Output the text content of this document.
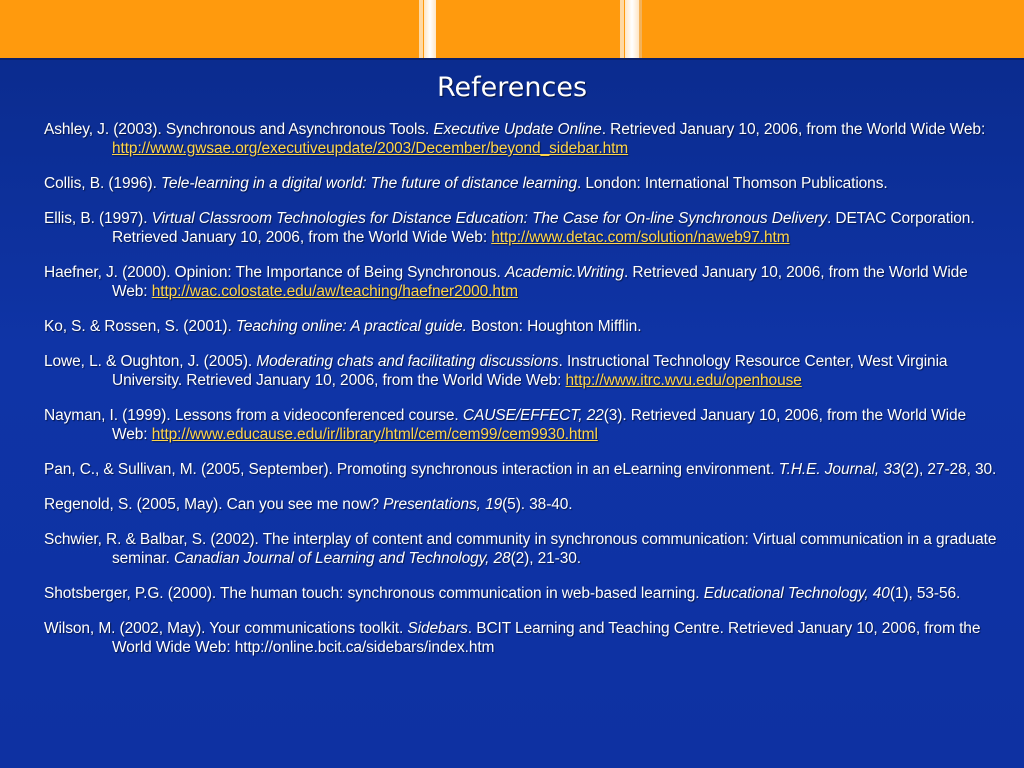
References
Ashley, J. (2003). Synchronous and Asynchronous Tools. Executive Update Online. Retrieved January 10, 2006, from the World Wide Web: http://www.gwsae.org/executiveupdate/2003/December/beyond_sidebar.htm
Collis, B. (1996). Tele-learning in a digital world: The future of distance learning. London: International Thomson Publications.
Ellis, B. (1997). Virtual Classroom Technologies for Distance Education: The Case for On-line Synchronous Delivery. DETAC Corporation. Retrieved January 10, 2006, from the World Wide Web: http://www.detac.com/solution/naweb97.htm
Haefner, J. (2000). Opinion: The Importance of Being Synchronous. Academic.Writing. Retrieved January 10, 2006, from the World Wide Web: http://wac.colostate.edu/aw/teaching/haefner2000.htm
Ko, S. & Rossen, S. (2001). Teaching online: A practical guide. Boston: Houghton Mifflin.
Lowe, L. & Oughton, J. (2005). Moderating chats and facilitating discussions. Instructional Technology Resource Center, West Virginia University. Retrieved January 10, 2006, from the World Wide Web: http://www.itrc.wvu.edu/openhouse
Nayman, I. (1999). Lessons from a videoconferenced course. CAUSE/EFFECT, 22(3). Retrieved January 10, 2006, from the World Wide Web: http://www.educause.edu/ir/library/html/cem/cem99/cem9930.html
Pan, C., & Sullivan, M. (2005, September). Promoting synchronous interaction in an eLearning environment. T.H.E. Journal, 33(2), 27-28, 30.
Regenold, S. (2005, May). Can you see me now? Presentations, 19(5). 38-40.
Schwier, R. & Balbar, S. (2002). The interplay of content and community in synchronous communication: Virtual communication in a graduate seminar. Canadian Journal of Learning and Technology, 28(2), 21-30.
Shotsberger, P.G. (2000). The human touch: synchronous communication in web-based learning. Educational Technology, 40(1), 53-56.
Wilson, M. (2002, May). Your communications toolkit. Sidebars. BCIT Learning and Teaching Centre. Retrieved January 10, 2006, from the World Wide Web: http://online.bcit.ca/sidebars/index.htm
